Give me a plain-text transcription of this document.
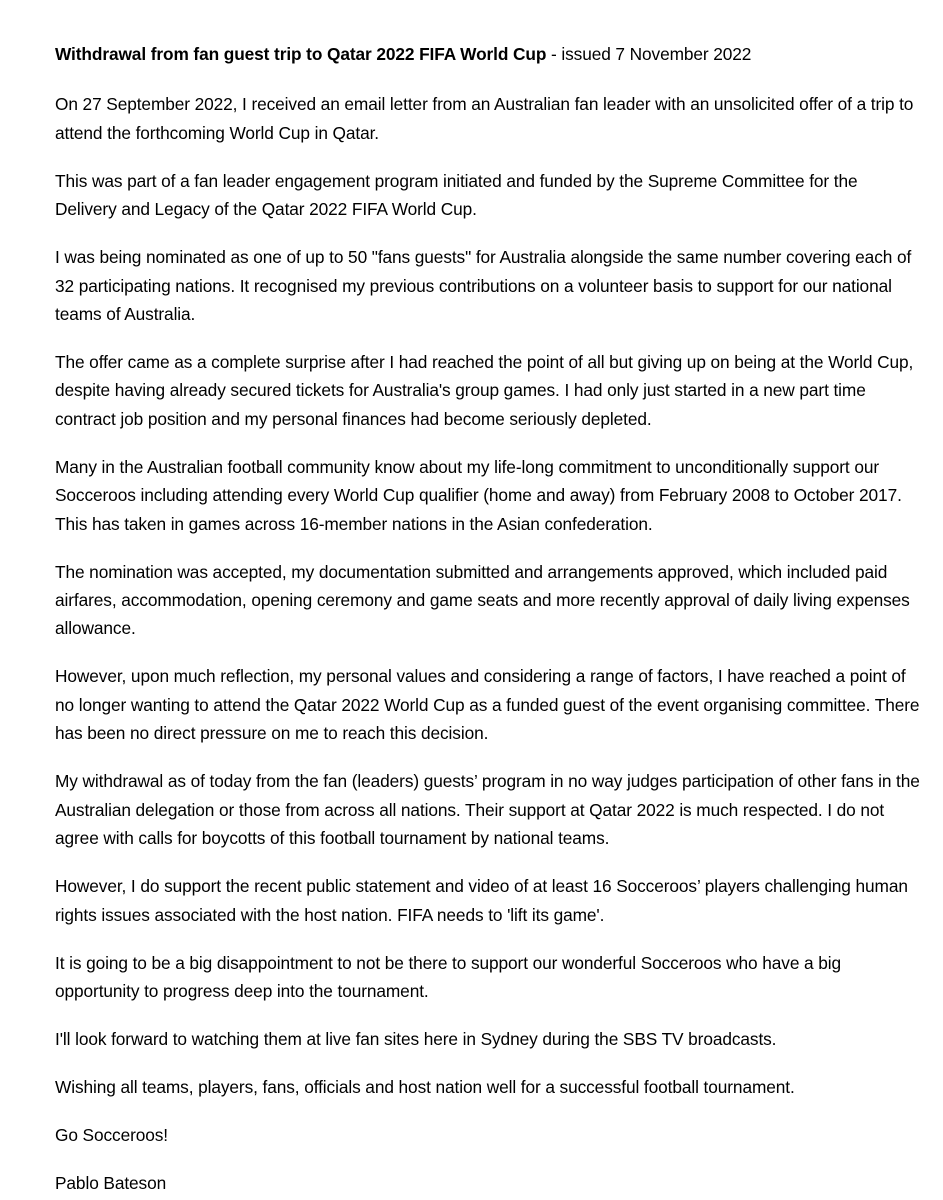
Withdrawal from fan guest trip to Qatar 2022 FIFA World Cup - issued 7 November 2022

On 27 September 2022, I received an email letter from an Australian fan leader with an unsolicited offer of a trip to attend the forthcoming World Cup in Qatar.

This was part of a fan leader engagement program initiated and funded by the Supreme Committee for the Delivery and Legacy of the Qatar 2022 FIFA World Cup.

I was being nominated as one of up to 50 "fans guests" for Australia alongside the same number covering each of 32 participating nations. It recognised my previous contributions on a volunteer basis to support for our national teams of Australia.

The offer came as a complete surprise after I had reached the point of all but giving up on being at the World Cup, despite having already secured tickets for Australia's group games. I had only just started in a new part time contract job position and my personal finances had become seriously depleted.

Many in the Australian football community know about my life-long commitment to unconditionally support our Socceroos including attending every World Cup qualifier (home and away) from February 2008 to October 2017. This has taken in games across 16-member nations in the Asian confederation.

The nomination was accepted, my documentation submitted and arrangements approved, which included paid airfares, accommodation, opening ceremony and game seats and more recently approval of daily living expenses allowance.

However, upon much reflection, my personal values and considering a range of factors, I have reached a point of no longer wanting to attend the Qatar 2022 World Cup as a funded guest of the event organising committee. There has been no direct pressure on me to reach this decision.

My withdrawal as of today from the fan (leaders) guests’ program in no way judges participation of other fans in the Australian delegation or those from across all nations. Their support at Qatar 2022 is much respected. I do not agree with calls for boycotts of this football tournament by national teams.

However, I do support the recent public statement and video of at least 16 Socceroos’ players challenging human rights issues associated with the host nation. FIFA needs to 'lift its game'.

It is going to be a big disappointment to not be there to support our wonderful Socceroos who have a big opportunity to progress deep into the tournament.

I'll look forward to watching them at live fan sites here in Sydney during the SBS TV broadcasts.

Wishing all teams, players, fans, officials and host nation well for a successful football tournament.

Go Socceroos!

Pablo Bateson
